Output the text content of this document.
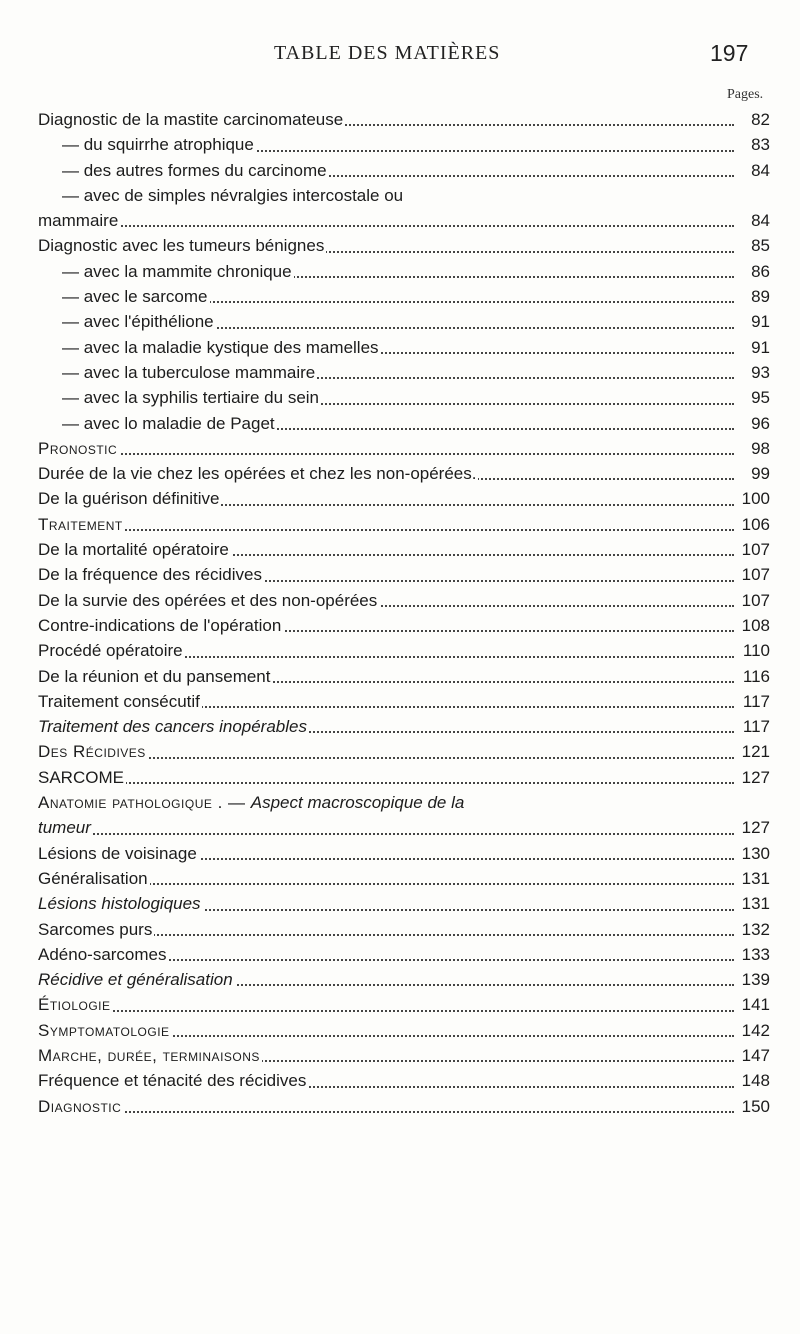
TABLE DES MATIÈRES	197
Pages.
Diagnostic de la mastite carcinomateuse	82
— du squirrhe atrophique	83
— des autres formes du carcinome	84
— avec de simples névralgies intercostale ou
mammaire	84
Diagnostic avec les tumeurs bénignes	85
— avec la mammite chronique	86
— avec le sarcome	89
— avec l'épithélione	91
— avec la maladie kystique des mamelles	91
— avec la tuberculose mammaire	93
— avec la syphilis tertiaire du sein	95
— avec lo maladie de Paget	96
Pronostic	98
Durée de la vie chez les opérées et chez les non-opérées.	99
De la guérison définitive	100
Traitement	106
De la mortalité opératoire	107
De la fréquence des récidives	107
De la survie des opérées et des non-opérées	107
Contre-indications de l'opération	108
Procédé opératoire	110
De la réunion et du pansement	116
Traitement consécutif	117
Traitement des cancers inopérables	117
Des Récidives	121
SARCOME	127
Anatomie pathologique . — Aspect macroscopique de la
tumeur	127
Lésions de voisinage	130
Généralisation	131
Lésions histologiques	131
Sarcomes purs	132
Adéno-sarcomes	133
Récidive et généralisation	139
Étiologie	141
Symptomatologie	142
Marche, durée, terminaisons	147
Fréquence et ténacité des récidives	148
Diagnostic	150
